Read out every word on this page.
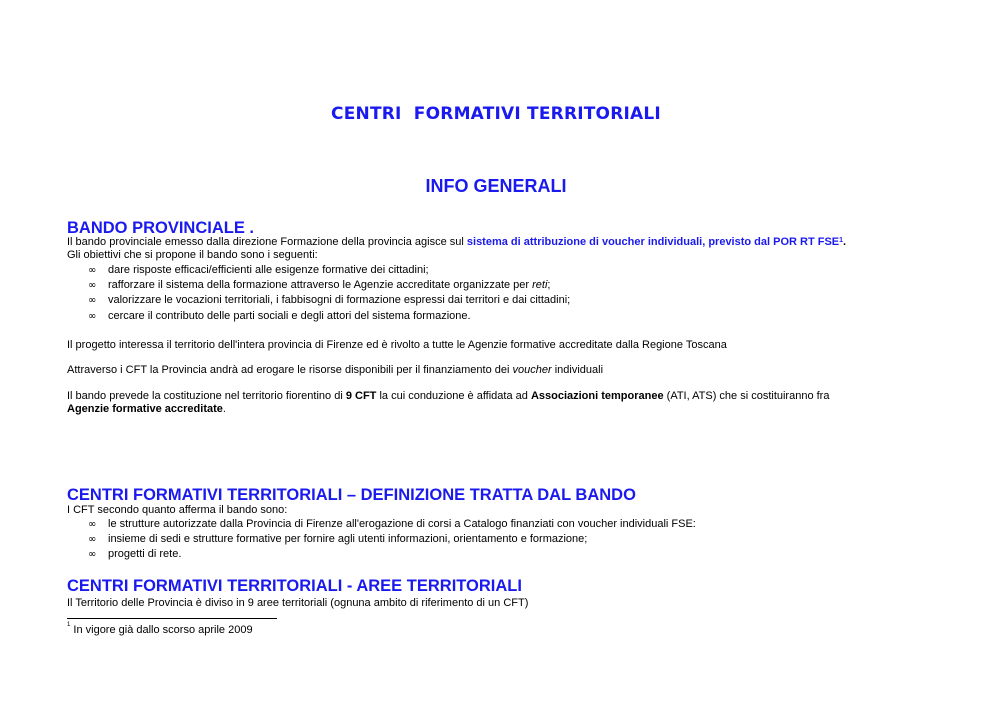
CENTRI  FORMATIVI TERRITORIALI
INFO GENERALI
BANDO PROVINCIALE .
Il bando provinciale emesso dalla direzione Formazione della provincia agisce sul sistema di attribuzione di voucher individuali, previsto dal POR RT FSE$^1$.
Gli obiettivi che si propone il bando sono i seguenti:
∞ dare risposte efficaci/efficienti alle esigenze formative dei cittadini;
∞ rafforzare il sistema della formazione attraverso le Agenzie accreditate organizzate per reti;
∞ valorizzare le vocazioni territoriali, i fabbisogni di formazione espressi dai territori e dai cittadini;
∞ cercare il contributo delle parti sociali e degli attori del sistema formazione.
Il progetto interessa il territorio dell'intera provincia di Firenze ed è rivolto a tutte le Agenzie formative accreditate dalla Regione Toscana
Attraverso i CFT la Provincia andrà ad erogare le risorse disponibili per il finanziamento dei voucher individuali
Il bando prevede la costituzione nel territorio fiorentino di 9 CFT la cui conduzione è affidata ad Associazioni temporanee (ATI, ATS) che si costituiranno fra
Agenzie formative accreditate.
CENTRI FORMATIVI TERRITORIALI – DEFINIZIONE TRATTA DAL BANDO
I CFT secondo quanto afferma il bando sono:
∞ le strutture autorizzate dalla Provincia di Firenze all'erogazione di corsi a Catalogo finanziati con voucher individuali FSE:
∞ insieme di sedi e strutture formative per fornire agli utenti informazioni, orientamento e formazione;
∞ progetti di rete.
CENTRI FORMATIVI TERRITORIALI - AREE TERRITORIALI
Il Territorio delle Provincia è diviso in 9 aree territoriali (ognuna ambito di riferimento di un CFT)
$^1$ In vigore già dallo scorso aprile 2009
